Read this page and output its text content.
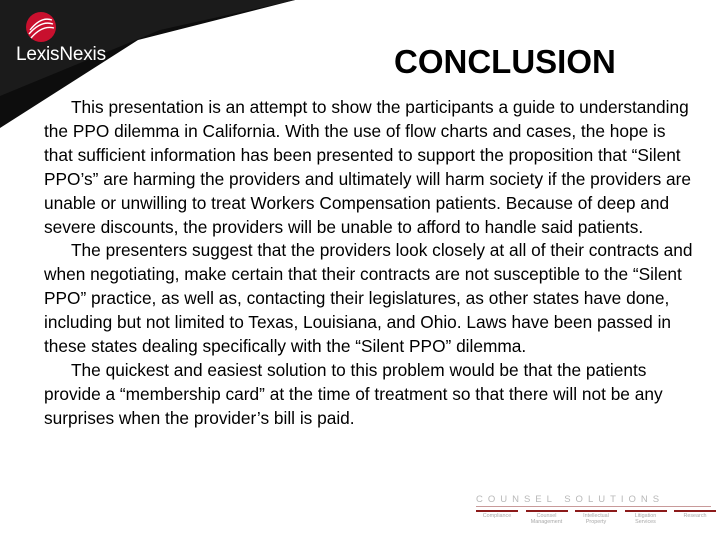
LexisNexis	CONCLUSION

This presentation is an attempt to show the participants a guide to understanding the PPO dilemma in California. With the use of flow charts and cases, the hope is that sufficient information has been presented to support the proposition that “Silent PPO’s” are harming the providers and ultimately will harm society if the providers are unable or unwilling to treat Workers Compensation patients. Because of deep and severe discounts, the providers will be unable to afford to handle said patients.

The presenters suggest that the providers look closely at all of their contracts and when negotiating, make certain that their contracts are not susceptible to the “Silent PPO” practice, as well as, contacting their legislatures, as other states have done, including but not limited to Texas, Louisiana, and Ohio. Laws have been passed in these states dealing specifically with the “Silent PPO” dilemma.

The quickest and easiest solution to this problem would be that the patients provide a “membership card” at the time of treatment so that there will not be any surprises when the provider’s bill is paid.

COUNSEL SOLUTIONS
Compliance	Counsel Management
Intellectual Property
Litigation Services
Research
